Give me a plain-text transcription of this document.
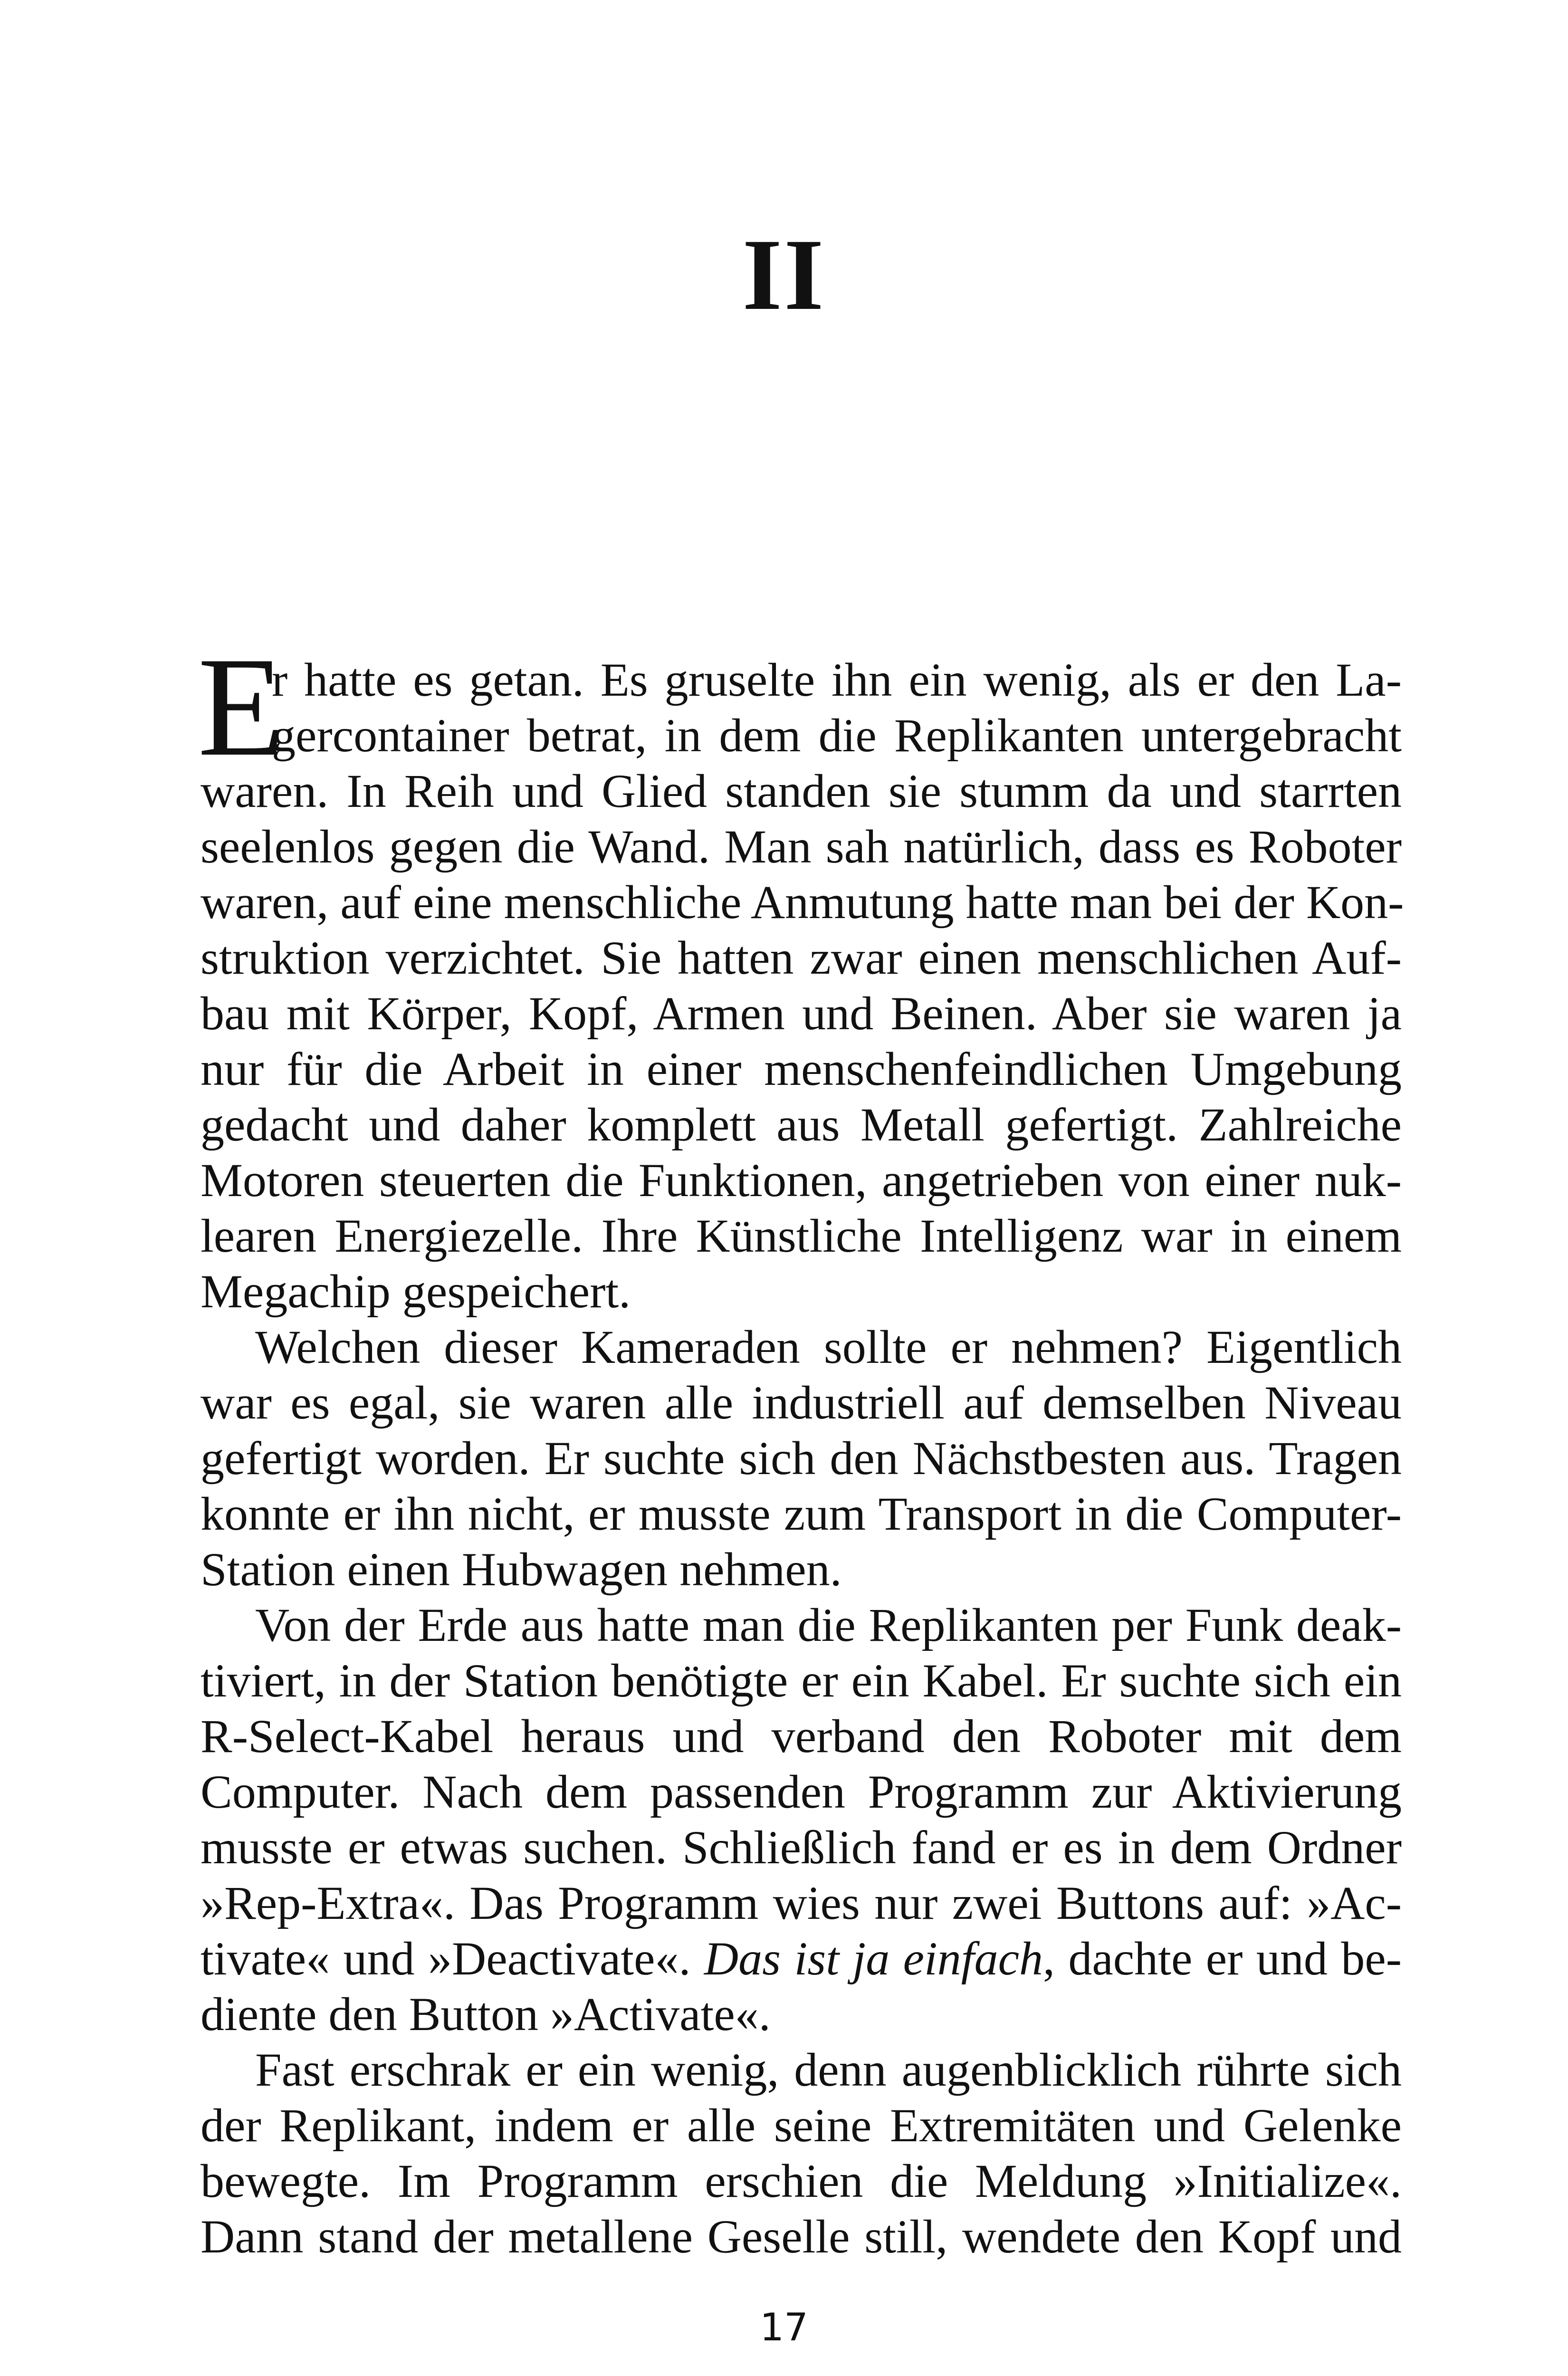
II
E
r hatte es getan. Es gruselte ihn ein wenig, als er den La-
gercontainer betrat, in dem die Replikanten untergebracht
waren. In Reih und Glied standen sie stumm da und starrten
seelenlos gegen die Wand. Man sah natürlich, dass es Roboter
waren, auf eine menschliche Anmutung hatte man bei der Kon-
struktion verzichtet. Sie hatten zwar einen menschlichen Auf-
bau mit Körper, Kopf, Armen und Beinen. Aber sie waren ja
nur für die Arbeit in einer menschenfeindlichen Umgebung
gedacht und daher komplett aus Metall gefertigt. Zahlreiche
Motoren steuerten die Funktionen, angetrieben von einer nuk-
learen Energiezelle. Ihre Künstliche Intelligenz war in einem
Megachip gespeichert.
Welchen dieser Kameraden sollte er nehmen? Eigentlich
war es egal, sie waren alle industriell auf demselben Niveau
gefertigt worden. Er suchte sich den Nächstbesten aus. Tragen
konnte er ihn nicht, er musste zum Transport in die Computer-
Station einen Hubwagen nehmen.
Von der Erde aus hatte man die Replikanten per Funk deak-
tiviert, in der Station benötigte er ein Kabel. Er suchte sich ein
R-Select-Kabel heraus und verband den Roboter mit dem
Computer. Nach dem passenden Programm zur Aktivierung
musste er etwas suchen. Schließlich fand er es in dem Ordner
»Rep-Extra«. Das Programm wies nur zwei Buttons auf: »Ac-
tivate« und »Deactivate«. Das ist ja einfach, dachte er und be-
diente den Button »Activate«.
Fast erschrak er ein wenig, denn augenblicklich rührte sich
der Replikant, indem er alle seine Extremitäten und Gelenke
bewegte. Im Programm erschien die Meldung »Initialize«.
Dann stand der metallene Geselle still, wendete den Kopf und
17
